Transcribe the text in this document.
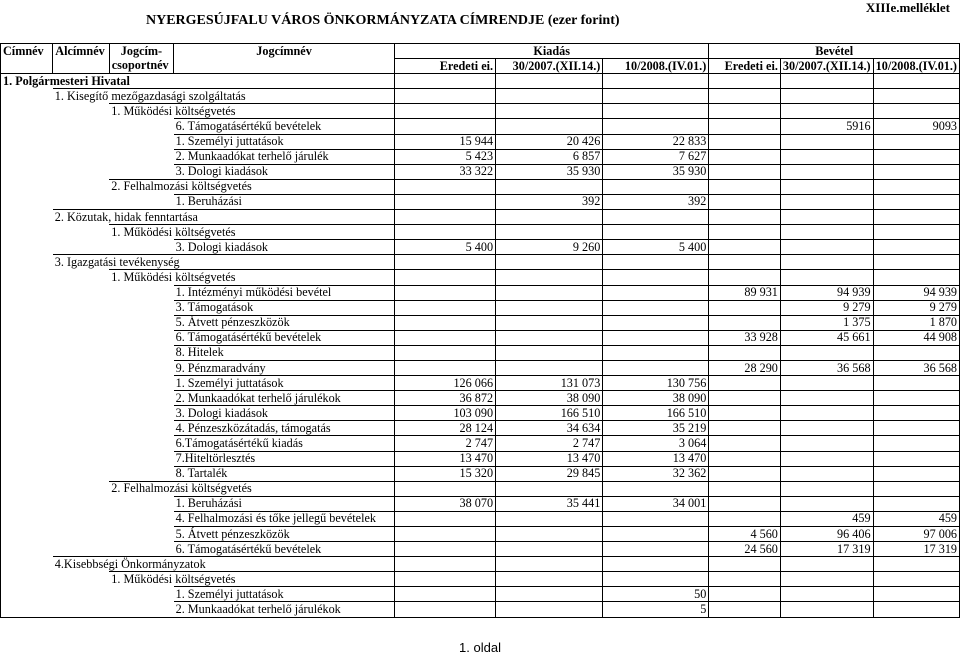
NYERGESÚJFALU VÁROS ÖNKORMÁNYZATA CÍMRENDJE (ezer forint)
XIIIe.melléklet
Címnév	Alcímnév	Jogcím-	Jogcímnév	Kiadás			Bevétel		
		csoportnév		Eredeti ei.	30/2007.(XII.14.)	10/2008.(IV.01.)	Eredeti ei.	30/2007.(XII.14.)	10/2008.(IV.01.)
1. Polgármesteri Hivatal									
	1. Kisegítő mezőgazdasági szolgáltatás								
		1. Működési költségvetés							
			6. Támogatásértékű bevételek					5916	9093
			1. Személyi juttatások	15 944	20 426	22 833			
			2. Munkaadókat terhelő járulék	5 423	6 857	7 627			
			3. Dologi kiadások	33 322	35 930	35 930			
		2. Felhalmozási költségvetés							
			1. Beruházási		392	392			
	2. Közutak, hidak fenntartása								
		1. Működési költségvetés							
			3. Dologi kiadások	5 400	9 260	5 400			
	3. Igazgatási tevékenység								
		1. Működési költségvetés							
			1. Intézményi működési bevétel				89 931	94 939	94 939
			3. Támogatások					9 279	9 279
			5. Átvett pénzeszközök					1 375	1 870
			6. Támogatásértékű bevételek				33 928	45 661	44 908
			8. Hitelek						
			9. Pénzmaradvány				28 290	36 568	36 568
			1. Személyi juttatások	126 066	131 073	130 756			
			2. Munkaadókat terhelő járulékok	36 872	38 090	38 090			
			3. Dologi kiadások	103 090	166 510	166 510			
			4. Pénzeszközátadás, támogatás	28 124	34 634	35 219			
			6.Támogatásértékű kiadás	2 747	2 747	3 064			
			7.Hiteltörlesztés	13 470	13 470	13 470			
			8. Tartalék	15 320	29 845	32 362			
		2. Felhalmozási költségvetés							
			1. Beruházási	38 070	35 441	34 001			
			4. Felhalmozási és tőke jellegű bevételek					459	459
			5. Átvett pénzeszközök				4 560	96 406	97 006
			6. Támogatásértékű bevételek				24 560	17 319	17 319
	4.Kisebbségi Önkormányzatok								
		1. Működési költségvetés							
			1. Személyi juttatások			50			
			2. Munkaadókat terhelő járulékok			5			
1. oldal
